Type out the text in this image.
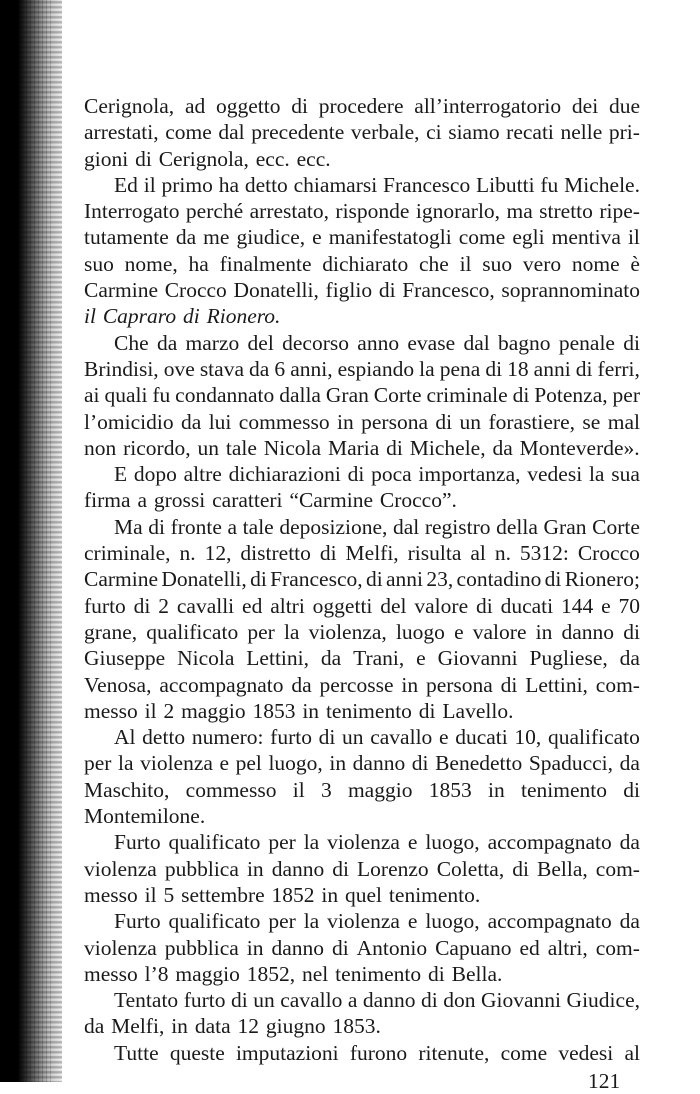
Cerignola, ad oggetto di procedere all’interrogatorio dei due
arrestati, come dal precedente verbale, ci siamo recati nelle pri-
gioni di Cerignola, ecc. ecc.
Ed il primo ha detto chiamarsi Francesco Libutti fu Michele.
Interrogato perché arrestato, risponde ignorarlo, ma stretto ripe-
tutamente da me giudice, e manifestatogli come egli mentiva il
suo nome, ha finalmente dichiarato che il suo vero nome è
Carmine Crocco Donatelli, figlio di Francesco, soprannominato
il Capraro di Rionero.
Che da marzo del decorso anno evase dal bagno penale di
Brindisi, ove stava da 6 anni, espiando la pena di 18 anni di ferri,
ai quali fu condannato dalla Gran Corte criminale di Potenza, per
l’omicidio da lui commesso in persona di un forastiere, se mal
non ricordo, un tale Nicola Maria di Michele, da Monteverde».
E dopo altre dichiarazioni di poca importanza, vedesi la sua
firma a grossi caratteri “Carmine Crocco”.
Ma di fronte a tale deposizione, dal registro della Gran Corte
criminale, n. 12, distretto di Melfi, risulta al n. 5312: Crocco
Carmine Donatelli, di Francesco, di anni 23, contadino di Rionero;
furto di 2 cavalli ed altri oggetti del valore di ducati 144 e 70
grane, qualificato per la violenza, luogo e valore in danno di
Giuseppe Nicola Lettini, da Trani, e Giovanni Pugliese, da
Venosa, accompagnato da percosse in persona di Lettini, com-
messo il 2 maggio 1853 in tenimento di Lavello.
Al detto numero: furto di un cavallo e ducati 10, qualificato
per la violenza e pel luogo, in danno di Benedetto Spaducci, da
Maschito, commesso il 3 maggio 1853 in tenimento di
Montemilone.
Furto qualificato per la violenza e luogo, accompagnato da
violenza pubblica in danno di Lorenzo Coletta, di Bella, com-
messo il 5 settembre 1852 in quel tenimento.
Furto qualificato per la violenza e luogo, accompagnato da
violenza pubblica in danno di Antonio Capuano ed altri, com-
messo l’8 maggio 1852, nel tenimento di Bella.
Tentato furto di un cavallo a danno di don Giovanni Giudice,
da Melfi, in data 12 giugno 1853.
Tutte queste imputazioni furono ritenute, come vedesi al
121
